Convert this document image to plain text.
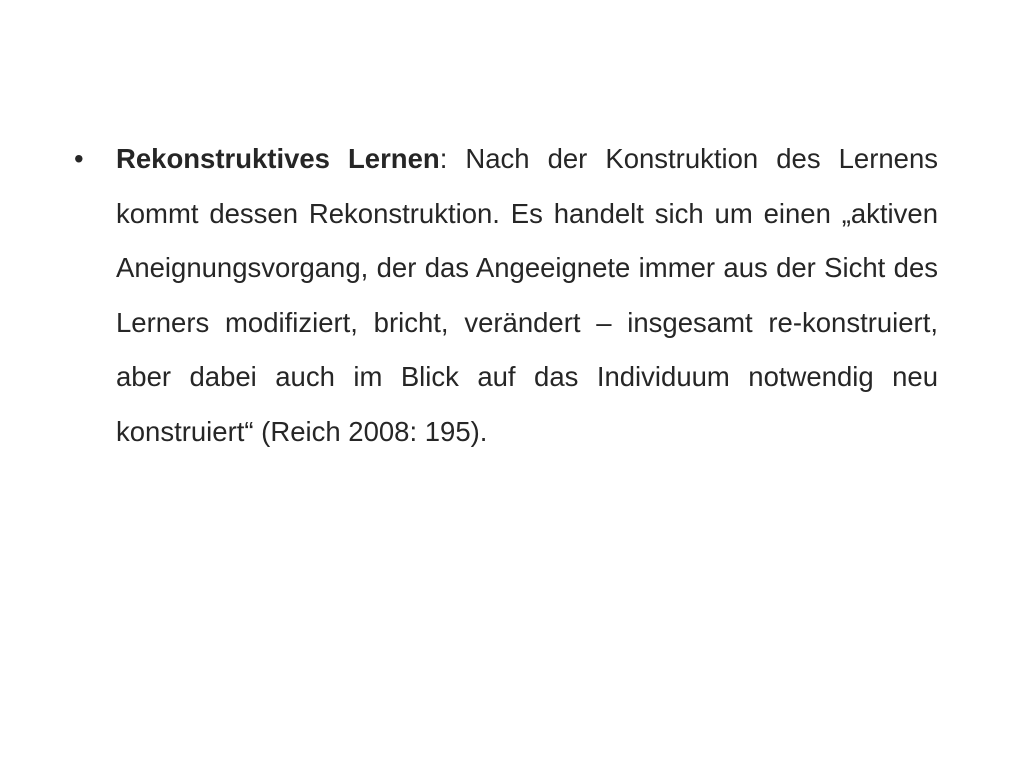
•	Rekonstruktives Lernen: Nach der Konstruktion des Lernens kommt dessen Rekonstruktion. Es handelt sich um einen „aktiven Aneignungsvorgang, der das Angeeignete immer aus der Sicht des Lerners modifiziert, bricht, verändert – insgesamt re-konstruiert, aber dabei auch im Blick auf das Individuum notwendig neu konstruiert“ (Reich 2008: 195).
